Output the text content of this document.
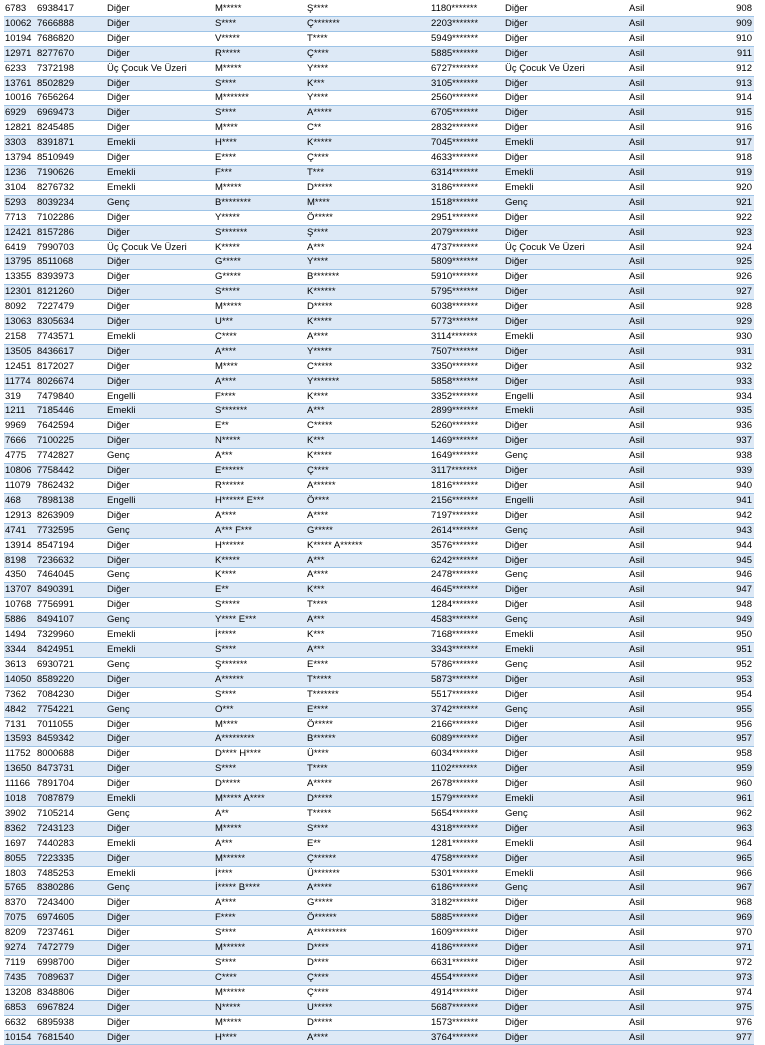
6783	6938417	Diğer	M*****	Ş****	1180*******	Diğer	Asil	908
10062	7666888	Diğer	S****	Ç*******	2203*******	Diğer	Asil	909
10194	7686820	Diğer	V*****	T****	5949*******	Diğer	Asil	910
12971	8277670	Diğer	R*****	Ç****	5885*******	Diğer	Asil	911
6233	7372198	Üç Çocuk Ve Üzeri	M*****	Y****	6727*******	Üç Çocuk Ve Üzeri	Asil	912
13761	8502829	Diğer	S****	K***	3105*******	Diğer	Asil	913
10016	7656264	Diğer	M*******	Y****	2560*******	Diğer	Asil	914
6929	6969473	Diğer	S****	A*****	6705*******	Diğer	Asil	915
12821	8245485	Diğer	M****	C**	2832*******	Diğer	Asil	916
3303	8391871	Emekli	H****	K*****	7045*******	Emekli	Asil	917
13794	8510949	Diğer	E****	Ç****	4633*******	Diğer	Asil	918
1236	7190626	Emekli	F***	T***	6314*******	Emekli	Asil	919
3104	8276732	Emekli	M*****	D*****	3186*******	Emekli	Asil	920
5293	8039234	Genç	B********	M****	1518*******	Genç	Asil	921
7713	7102286	Diğer	Y*****	Ö*****	2951*******	Diğer	Asil	922
12421	8157286	Diğer	S*******	Ş****	2079*******	Diğer	Asil	923
6419	7990703	Üç Çocuk Ve Üzeri	K*****	A***	4737*******	Üç Çocuk Ve Üzeri	Asil	924
13795	8511068	Diğer	G*****	Y****	5809*******	Diğer	Asil	925
13355	8393973	Diğer	G*****	B*******	5910*******	Diğer	Asil	926
12301	8121260	Diğer	S*****	K******	5795*******	Diğer	Asil	927
8092	7227479	Diğer	M*****	D*****	6038*******	Diğer	Asil	928
13063	8305634	Diğer	U***	K*****	5773*******	Diğer	Asil	929
2158	7743571	Emekli	C****	A****	3114*******	Emekli	Asil	930
13505	8436617	Diğer	A****	Y*****	7507*******	Diğer	Asil	931
12451	8172027	Diğer	M****	C*****	3350*******	Diğer	Asil	932
11774	8026674	Diğer	A****	Y*******	5858*******	Diğer	Asil	933
319	7479840	Engelli	F****	K****	3352*******	Engelli	Asil	934
1211	7185446	Emekli	S*******	A***	2899*******	Emekli	Asil	935
9969	7642594	Diğer	E**	C*****	5260*******	Diğer	Asil	936
7666	7100225	Diğer	N*****	K***	1469*******	Diğer	Asil	937
4775	7742827	Genç	A***	K*****	1649*******	Genç	Asil	938
10806	7758442	Diğer	E******	Ç****	3117*******	Diğer	Asil	939
11079	7862432	Diğer	R******	A******	1816*******	Diğer	Asil	940
468	7898138	Engelli	H****** E***	Ö****	2156*******	Engelli	Asil	941
12913	8263909	Diğer	A****	A****	7197*******	Diğer	Asil	942
4741	7732595	Genç	A*** F***	G*****	2614*******	Genç	Asil	943
13914	8547194	Diğer	H******	K***** A******	3576*******	Diğer	Asil	944
8198	7236632	Diğer	K*****	A***	6242*******	Diğer	Asil	945
4350	7464045	Genç	K****	A****	2478*******	Genç	Asil	946
13707	8490391	Diğer	E**	K***	4645*******	Diğer	Asil	947
10768	7756991	Diğer	S*****	T****	1284*******	Diğer	Asil	948
5886	8494107	Genç	Y**** E***	A***	4583*******	Genç	Asil	949
1494	7329960	Emekli	İ*****	K***	7168*******	Emekli	Asil	950
3344	8424951	Emekli	S****	A***	3343*******	Emekli	Asil	951
3613	6930721	Genç	Ş*******	E****	5786*******	Genç	Asil	952
14050	8589220	Diğer	A******	T*****	5873*******	Diğer	Asil	953
7362	7084230	Diğer	S****	T*******	5517*******	Diğer	Asil	954
4842	7754221	Genç	O***	E****	3742*******	Genç	Asil	955
7131	7011055	Diğer	M****	Ö*****	2166*******	Diğer	Asil	956
13593	8459342	Diğer	A*********	B******	6089*******	Diğer	Asil	957
11752	8000688	Diğer	D**** H****	Ü****	6034*******	Diğer	Asil	958
13650	8473731	Diğer	S****	T****	1102*******	Diğer	Asil	959
11166	7891704	Diğer	D*****	A*****	2678*******	Diğer	Asil	960
1018	7087879	Emekli	M***** A****	D*****	1579*******	Emekli	Asil	961
3902	7105214	Genç	A**	T*****	5654*******	Genç	Asil	962
8362	7243123	Diğer	M*****	S****	4318*******	Diğer	Asil	963
1697	7440283	Emekli	A***	E**	1281*******	Emekli	Asil	964
8055	7223335	Diğer	M******	Ç******	4758*******	Diğer	Asil	965
1803	7485253	Emekli	İ****	Ü*******	5301*******	Emekli	Asil	966
5765	8380286	Genç	İ***** B****	A*****	6186*******	Genç	Asil	967
8370	7243400	Diğer	A****	G*****	3182*******	Diğer	Asil	968
7075	6974605	Diğer	F****	Ö******	5885*******	Diğer	Asil	969
8209	7237461	Diğer	S****	A*********	1609*******	Diğer	Asil	970
9274	7472779	Diğer	M******	D****	4186*******	Diğer	Asil	971
7119	6998700	Diğer	S****	D****	6631*******	Diğer	Asil	972
7435	7089637	Diğer	C****	Ç****	4554*******	Diğer	Asil	973
13208	8348806	Diğer	M******	Ç****	4914*******	Diğer	Asil	974
6853	6967824	Diğer	N*****	U*****	5687*******	Diğer	Asil	975
6632	6895938	Diğer	M*****	D*****	1573*******	Diğer	Asil	976
10154	7681540	Diğer	H****	A****	3764*******	Diğer	Asil	977
